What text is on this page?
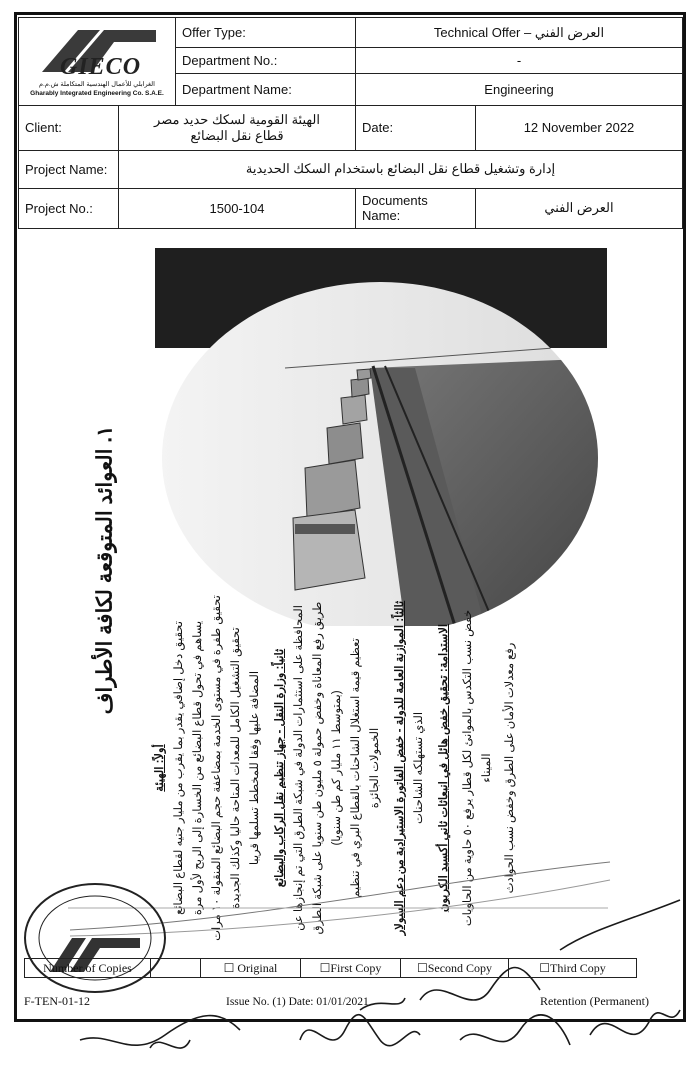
GIECO
الغرابلي للأعمال الهندسية المتكاملة ش.م.م
Gharably Integrated Engineering Co. S.A.E.		Offer Type:	Technical Offer – العرض الفني	
		Department No.:	-	
		Department Name:	Engineering	
Client:	الهيئة القومية لسكك حديد مصر
قطاع نقل البضائع		Date:	12 November 2022
Project Name:	إدارة وتشغيل قطاع نقل البضائع باستخدام السكك الحديدية			
Project No.:	1500-104		Documents
Name:	العرض الفني
١. العوائد المتوقعة لكافة الأطراف
أولاً: الهيئة تحقيق دخل إضافي يقدر بما يقرب من مليار جنيه لقطاع البضائع يساهم في تحول قطاع البضائع من الخسارة إلى الربح لأول مرة
تحقيق طفرة في مستوى الخدمة بمضاعفة حجم البضائع المنقولة ١٠ مرات تحقيق التشغيل الكامل للمعدات المتاحة حاليا وكذلك الجديدة المضافة عليها وفقا للمخطط تسلمها قريبا ثانياً: وزارة النقل - جهاز تنظيم نقل الركاب والبضائع المحافظة على استثمارات الدولة في شبكة الطرق التي تم إنجازها عن طريق رفع المعاناة وخفض حمولة ٥ مليون طن سنويا على شبكة الطرق
(بمتوسط ١١ مليار كم طن سنويا) تعظيم قيمة استغلال الشاحنات بالقطاع البري في تنظيم الخمولات الجائزة ثالثاً: الموازنة العامة للدولة - خفض الفاتورة الاستيرادية من دعم السولار الذي تستهلكه الشاحنات الاستدامة: تحقيق خفض هائل في انبعاثات ثاني أكسيد الكربون خفض نسب التكدس بالموانئ لكل قطار يرفع ٥٠ حاوية من الحاويات الميناء رفع معدلات الأمان على الطرق وخفض نسب الحوادث
Number of Copies		☐ Original	☐First Copy	☐Second Copy	☐Third Copy
F-TEN-01-12	Issue No. (1) Date: 01/01/2021	Retention (Permanent)
